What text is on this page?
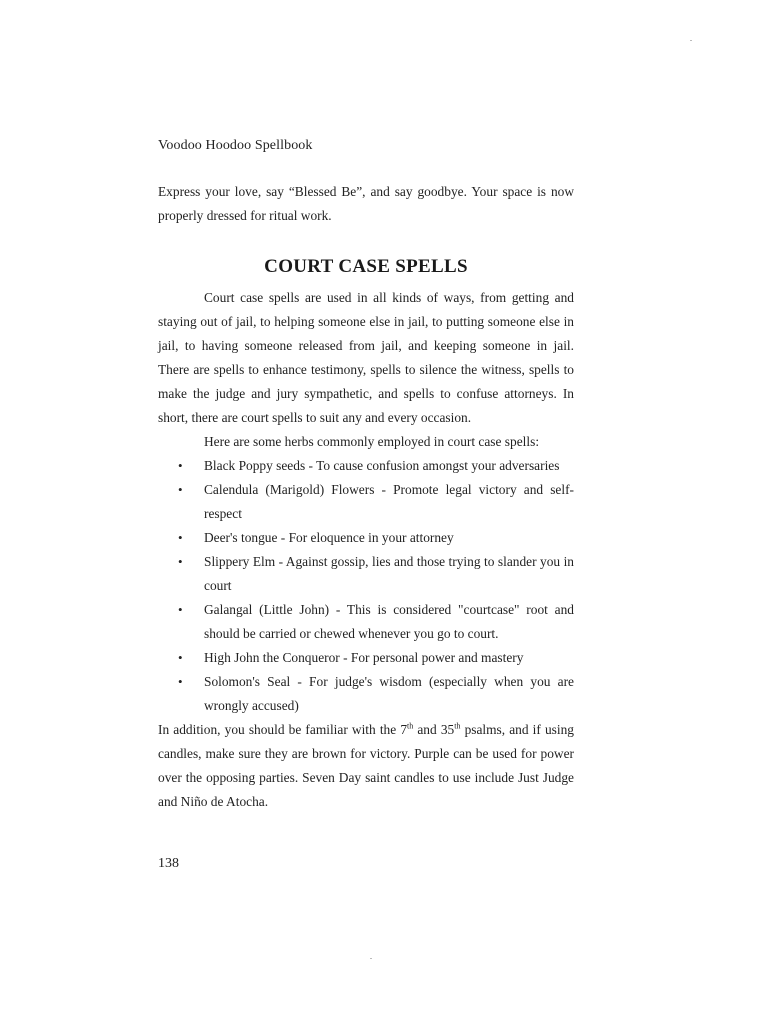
Voodoo Hoodoo Spellbook
Express your love, say “Blessed Be”, and say goodbye. Your space is now properly dressed for ritual work.
COURT CASE SPELLS

Court case spells are used in all kinds of ways, from getting and staying out of jail, to helping someone else in jail, to putting someone else in jail, to having someone released from jail, and keeping someone in jail. There are spells to enhance testimony, spells to silence the witness, spells to make the judge and jury sympathetic, and spells to confuse attorneys. In short, there are court spells to suit any and every occasion.

Here are some herbs commonly employed in court case spells:

• Black Poppy seeds - To cause confusion amongst your adversaries
• Calendula (Marigold) Flowers - Promote legal victory and self-respect
• Deer's tongue - For eloquence in your attorney
• Slippery Elm - Against gossip, lies and those trying to slander you in court
• Galangal (Little John) - This is considered "courtcase" root and should be carried or chewed whenever you go to court.
• High John the Conqueror - For personal power and mastery
• Solomon's Seal - For judge's wisdom (especially when you are wrongly accused)

In addition, you should be familiar with the 7th and 35th psalms, and if using candles, make sure they are brown for victory. Purple can be used for power over the opposing parties. Seven Day saint candles to use include Just Judge and Niño de Atocha.

138
